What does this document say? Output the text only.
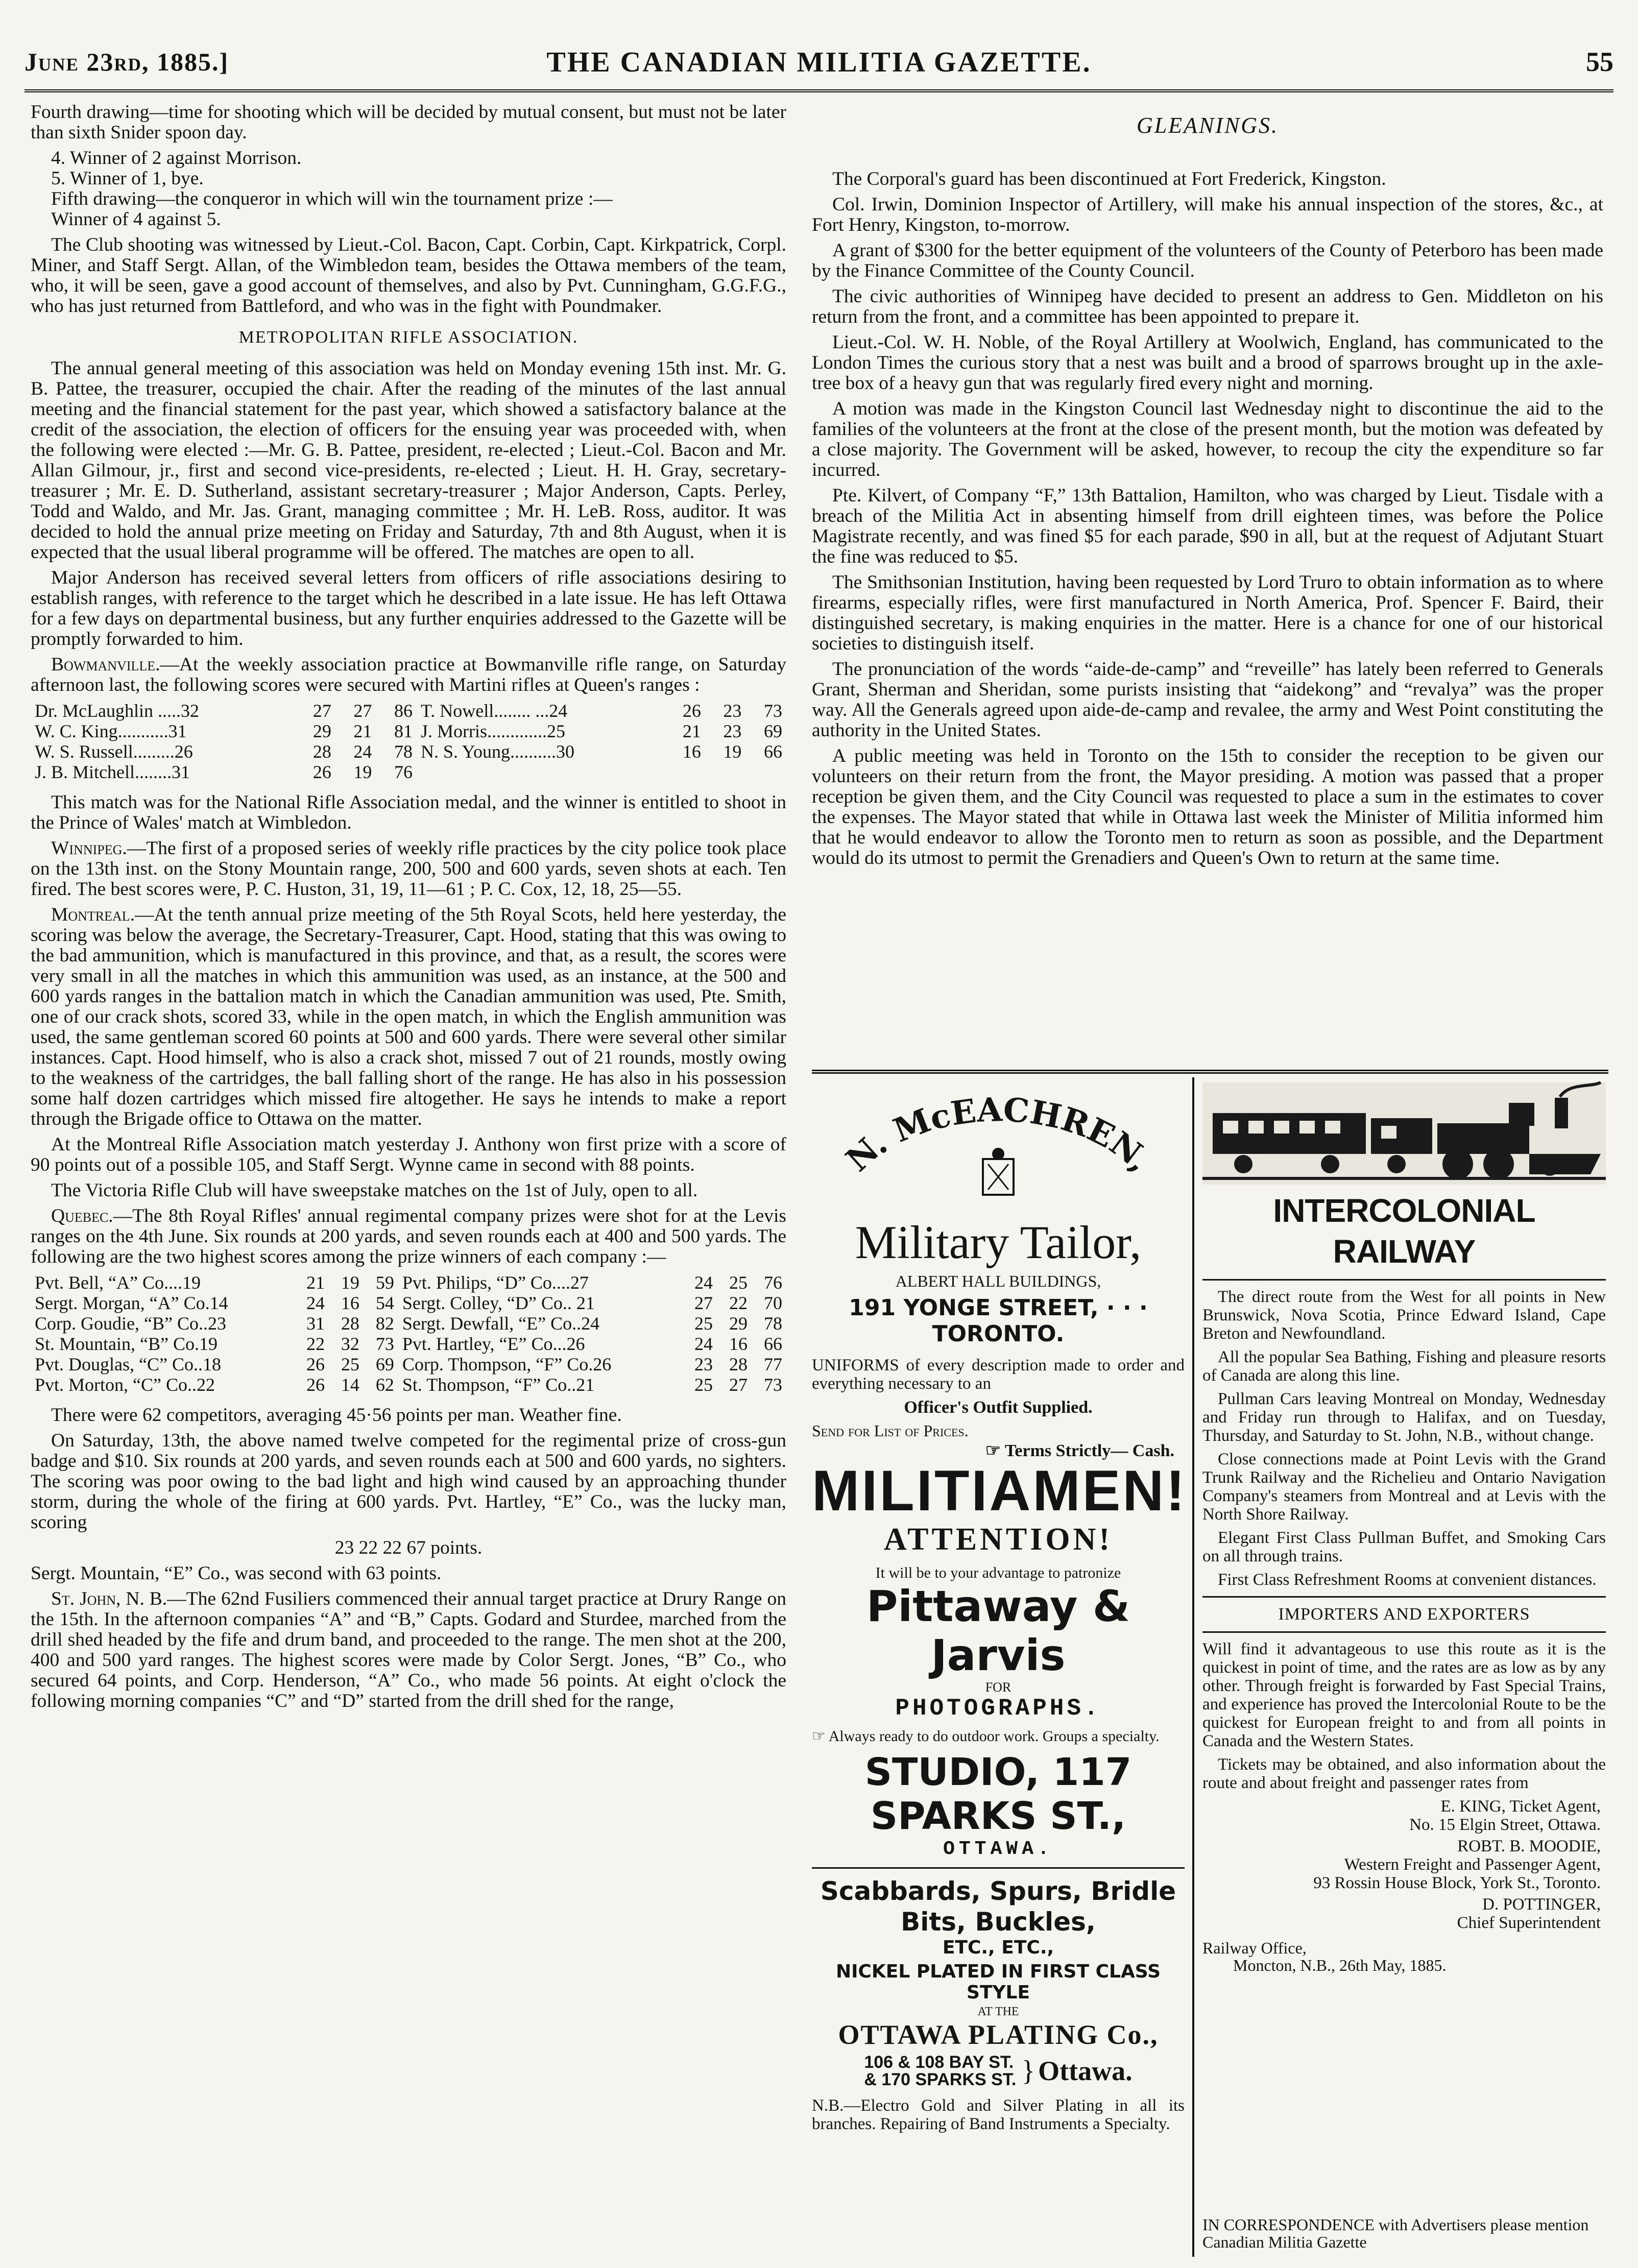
June 23rd, 1885.]	THE CANADIAN MILITIA GAZETTE.	55

Fourth drawing—time for shooting which will be decided by mutual consent, but must not be later than sixth Snider spoon day.

4. Winner of 2 against Morrison.

5. Winner of 1, bye.

Fifth drawing—the conqueror in which will win the tournament prize :—

Winner of 4 against 5.

The Club shooting was witnessed by Lieut.-Col. Bacon, Capt. Corbin, Capt. Kirkpatrick, Corpl. Miner, and Staff Sergt. Allan, of the Wimbledon team, besides the Ottawa members of the team, who, it will be seen, gave a good account of themselves, and also by Pvt. Cunningham, G.G.F.G., who has just returned from Battleford, and who was in the fight with Poundmaker.

METROPOLITAN RIFLE ASSOCIATION.

The annual general meeting of this association was held on Monday evening 15th inst. Mr. G. B. Pattee, the treasurer, occupied the chair. After the reading of the minutes of the last annual meeting and the financial statement for the past year, which showed a satisfactory balance at the credit of the association, the election of officers for the ensuing year was proceeded with, when the following were elected :—Mr. G. B. Pattee, president, re-elected ; Lieut.-Col. Bacon and Mr. Allan Gilmour, jr., first and second vice-presidents, re-elected ; Lieut. H. H. Gray, secretary-treasurer ; Mr. E. D. Sutherland, assistant secretary-treasurer ; Major Anderson, Capts. Perley, Todd and Waldo, and Mr. Jas. Grant, managing committee ; Mr. H. LeB. Ross, auditor. It was decided to hold the annual prize meeting on Friday and Saturday, 7th and 8th August, when it is expected that the usual liberal programme will be offered. The matches are open to all.

Major Anderson has received several letters from officers of rifle associations desiring to establish ranges, with reference to the target which he described in a late issue. He has left Ottawa for a few days on departmental business, but any further enquiries addressed to the Gazette will be promptly forwarded to him.

Bowmanville.—At the weekly association practice at Bowmanville rifle range, on Saturday afternoon last, the following scores were secured with Martini rifles at Queen's ranges :

Dr. McLaughlin .....32	27	27	86	T. Nowell........ ...24	26	23	73
W. C. King...........31	29	21	81	J. Morris.............25	21	23	69
W. S. Russell.........26	28	24	78	N. S. Young..........30	16	19	66
J. B. Mitchell........31	26	19	76				

This match was for the National Rifle Association medal, and the winner is entitled to shoot in the Prince of Wales' match at Wimbledon.

Winnipeg.—The first of a proposed series of weekly rifle practices by the city police took place on the 13th inst. on the Stony Mountain range, 200, 500 and 600 yards, seven shots at each. Ten fired. The best scores were, P. C. Huston, 31, 19, 11—61 ; P. C. Cox, 12, 18, 25—55.

Montreal.—At the tenth annual prize meeting of the 5th Royal Scots, held here yesterday, the scoring was below the average, the Secretary-Treasurer, Capt. Hood, stating that this was owing to the bad ammunition, which is manufactured in this province, and that, as a result, the scores were very small in all the matches in which this ammunition was used, as an instance, at the 500 and 600 yards ranges in the battalion match in which the Canadian ammunition was used, Pte. Smith, one of our crack shots, scored 33, while in the open match, in which the English ammunition was used, the same gentleman scored 60 points at 500 and 600 yards. There were several other similar instances. Capt. Hood himself, who is also a crack shot, missed 7 out of 21 rounds, mostly owing to the weakness of the cartridges, the ball falling short of the range. He has also in his possession some half dozen cartridges which missed fire altogether. He says he intends to make a report through the Brigade office to Ottawa on the matter.

At the Montreal Rifle Association match yesterday J. Anthony won first prize with a score of 90 points out of a possible 105, and Staff Sergt. Wynne came in second with 88 points.

The Victoria Rifle Club will have sweepstake matches on the 1st of July, open to all.

Quebec.—The 8th Royal Rifles' annual regimental company prizes were shot for at the Levis ranges on the 4th June. Six rounds at 200 yards, and seven rounds each at 400 and 500 yards. The following are the two highest scores among the prize winners of each company :—

Pvt. Bell, “A” Co....19	21	19	59	Pvt. Philips, “D” Co....27	24	25	76
Sergt. Morgan, “A” Co.14	24	16	54	Sergt. Colley, “D” Co.. 21	27	22	70
Corp. Goudie, “B” Co..23	31	28	82	Sergt. Dewfall, “E” Co..24	25	29	78
St. Mountain, “B” Co.19	22	32	73	Pvt. Hartley, “E” Co...26	24	16	66
Pvt. Douglas, “C” Co..18	26	25	69	Corp. Thompson, “F” Co.26	23	28	77
Pvt. Morton, “C” Co..22	26	14	62	St. Thompson, “F” Co..21	25	27	73

There were 62 competitors, averaging 45·56 points per man. Weather fine.

On Saturday, 13th, the above named twelve competed for the regimental prize of cross-gun badge and $10. Six rounds at 200 yards, and seven rounds each at 500 and 600 yards, no sighters. The scoring was poor owing to the bad light and high wind caused by an approaching thunder storm, during the whole of the firing at 600 yards. Pvt. Hartley, “E” Co., was the lucky man, scoring

23 22 22 67 points.

Sergt. Mountain, “E” Co., was second with 63 points.

St. John, N. B.—The 62nd Fusiliers commenced their annual target practice at Drury Range on the 15th. In the afternoon companies “A” and “B,” Capts. Godard and Sturdee, marched from the drill shed headed by the fife and drum band, and proceeded to the range. The men shot at the 200, 400 and 500 yard ranges. The highest scores were made by Color Sergt. Jones, “B” Co., who secured 64 points, and Corp. Henderson, “A” Co., who made 56 points. At eight o'clock the following morning companies “C” and “D” started from the drill shed for the range,

GLEANINGS.

The Corporal's guard has been discontinued at Fort Frederick, Kingston.

Col. Irwin, Dominion Inspector of Artillery, will make his annual inspection of the stores, &c., at Fort Henry, Kingston, to-morrow.

A grant of $300 for the better equipment of the volunteers of the County of Peterboro has been made by the Finance Committee of the County Council.

The civic authorities of Winnipeg have decided to present an address to Gen. Middleton on his return from the front, and a committee has been appointed to prepare it.

Lieut.-Col. W. H. Noble, of the Royal Artillery at Woolwich, England, has communicated to the London Times the curious story that a nest was built and a brood of sparrows brought up in the axle-tree box of a heavy gun that was regularly fired every night and morning.

A motion was made in the Kingston Council last Wednesday night to discontinue the aid to the families of the volunteers at the front at the close of the present month, but the motion was defeated by a close majority. The Government will be asked, however, to recoup the city the expenditure so far incurred.

Pte. Kilvert, of Company “F,” 13th Battalion, Hamilton, who was charged by Lieut. Tisdale with a breach of the Militia Act in absenting himself from drill eighteen times, was before the Police Magistrate recently, and was fined $5 for each parade, $90 in all, but at the request of Adjutant Stuart the fine was reduced to $5.

The Smithsonian Institution, having been requested by Lord Truro to obtain information as to where firearms, especially rifles, were first manufactured in North America, Prof. Spencer F. Baird, their distinguished secretary, is making enquiries in the matter. Here is a chance for one of our historical societies to distinguish itself.

The pronunciation of the words “aide-de-camp” and “reveille” has lately been referred to Generals Grant, Sherman and Sheridan, some purists insisting that “aidekong” and “revalya” was the proper way. All the Generals agreed upon aide-de-camp and revalee, the army and West Point constituting the authority in the United States.

A public meeting was held in Toronto on the 15th to consider the reception to be given our volunteers on their return from the front, the Mayor presiding. A motion was passed that a proper reception be given them, and the City Council was requested to place a sum in the estimates to cover the expenses. The Mayor stated that while in Ottawa last week the Minister of Militia informed him that he would endeavor to allow the Toronto men to return as soon as possible, and the Department would do its utmost to permit the Grenadiers and Queen's Own to return at the same time.

N. McEACHREN,
Military Tailor,
ALBERT HALL BUILDINGS,
191 YONGE STREET, · · · TORONTO.
UNIFORMS of every description made to order and everything necessary to an
Officer's Outfit Supplied.
Send for List of Prices.
☞ Terms Strictly— Cash.
MILITIAMEN!
ATTENTION!
It will be to your advantage to patronize
Pittaway & Jarvis
FOR
PHOTOGRAPHS.
☞ Always ready to do outdoor work. Groups a specialty.
STUDIO, 117 SPARKS ST.,
OTTAWA.
Scabbards, Spurs, Bridle Bits, Buckles,
ETC., ETC.,
NICKEL PLATED IN FIRST CLASS STYLE
AT THE
OTTAWA PLATING Co.,
106 & 108 BAY ST.
& 170 SPARKS ST. } Ottawa.
N.B.—Electro Gold and Silver Plating in all its branches. Repairing of Band Instruments a Specialty.
INTERCOLONIAL RAILWAY
The direct route from the West for all points in New Brunswick, Nova Scotia, Prince Edward Island, Cape Breton and Newfoundland.
All the popular Sea Bathing, Fishing and pleasure resorts of Canada are along this line.
Pullman Cars leaving Montreal on Monday, Wednesday and Friday run through to Halifax, and on Tuesday, Thursday, and Saturday to St. John, N.B., without change.
Close connections made at Point Levis with the Grand Trunk Railway and the Richelieu and Ontario Navigation Company's steamers from Montreal and at Levis with the North Shore Railway.
Elegant First Class Pullman Buffet, and Smoking Cars on all through trains.
First Class Refreshment Rooms at convenient distances.
IMPORTERS AND EXPORTERS
Will find it advantageous to use this route as it is the quickest in point of time, and the rates are as low as by any other. Through freight is forwarded by Fast Special Trains, and experience has proved the Intercolonial Route to be the quickest for European freight to and from all points in Canada and the Western States.
Tickets may be obtained, and also information about the route and about freight and passenger rates from
E. KING, Ticket Agent,
No. 15 Elgin Street, Ottawa.
ROBT. B. MOODIE,
Western Freight and Passenger Agent,
93 Rossin House Block, York St., Toronto.
D. POTTINGER,
Chief Superintendent
Railway Office,
Moncton, N.B., 26th May, 1885.
IN CORRESPONDENCE with Advertisers please mention Canadian Militia Gazette
